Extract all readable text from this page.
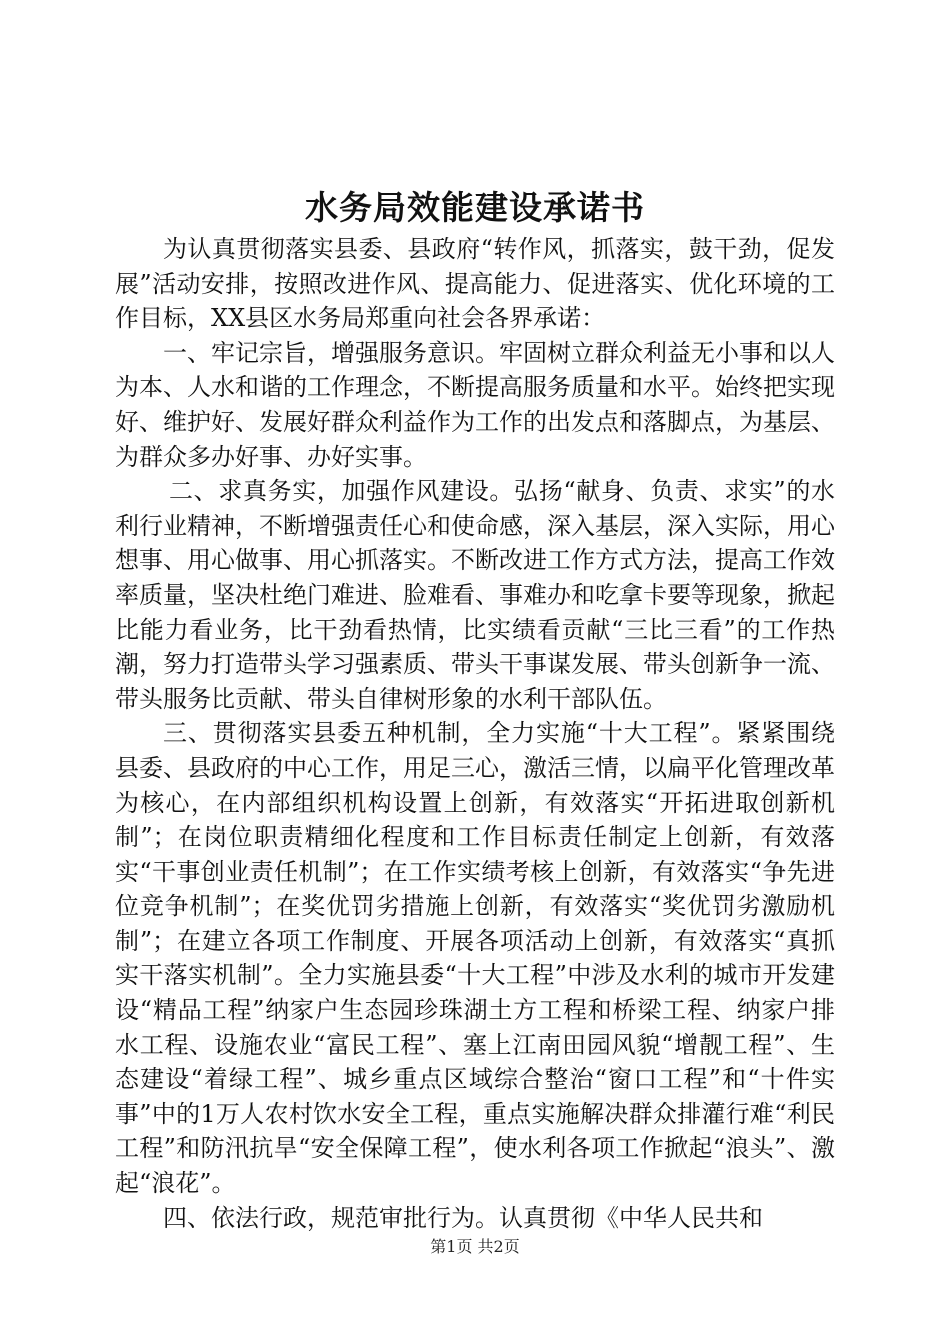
水务局效能建设承诺书

为认真贯彻落实县委、县政府“转作风，抓落实，鼓干劲，促发展”活动安排，按照改进作风、提高能力、促进落实、优化环境的工作目标，XX县区水务局郑重向社会各界承诺：

一、牢记宗旨，增强服务意识。牢固树立群众利益无小事和以人为本、人水和谐的工作理念，不断提高服务质量和水平。始终把实现好、维护好、发展好群众利益作为工作的出发点和落脚点，为基层、为群众多办好事、办好实事。

二、求真务实，加强作风建设。弘扬“献身、负责、求实”的水利行业精神，不断增强责任心和使命感，深入基层，深入实际，用心想事、用心做事、用心抓落实。不断改进工作方式方法，提高工作效率质量，坚决杜绝门难进、脸难看、事难办和吃拿卡要等现象，掀起比能力看业务，比干劲看热情，比实绩看贡献“三比三看”的工作热潮，努力打造带头学习强素质、带头干事谋发展、带头创新争一流、带头服务比贡献、带头自律树形象的水利干部队伍。

三、贯彻落实县委五种机制，全力实施“十大工程”。紧紧围绕县委、县政府的中心工作，用足三心，激活三情，以扁平化管理改革为核心，在内部组织机构设置上创新，有效落实“开拓进取创新机制”；在岗位职责精细化程度和工作目标责任制定上创新，有效落实“干事创业责任机制”；在工作实绩考核上创新，有效落实“争先进位竞争机制”；在奖优罚劣措施上创新，有效落实“奖优罚劣激励机制”；在建立各项工作制度、开展各项活动上创新，有效落实“真抓实干落实机制”。全力实施县委“十大工程”中涉及水利的城市开发建设“精品工程”纳家户生态园珍珠湖土方工程和桥梁工程、纳家户排水工程、设施农业“富民工程”、塞上江南田园风貌“增靓工程”、生态建设“着绿工程”、城乡重点区域综合整治“窗口工程”和“十件实事”中的1万人农村饮水安全工程，重点实施解决群众排灌行难“利民工程”和防汛抗旱“安全保障工程”，使水利各项工作掀起“浪头”、激起“浪花”。

四、依法行政，规范审批行为。认真贯彻《中华人民共和

第1页 共2页
